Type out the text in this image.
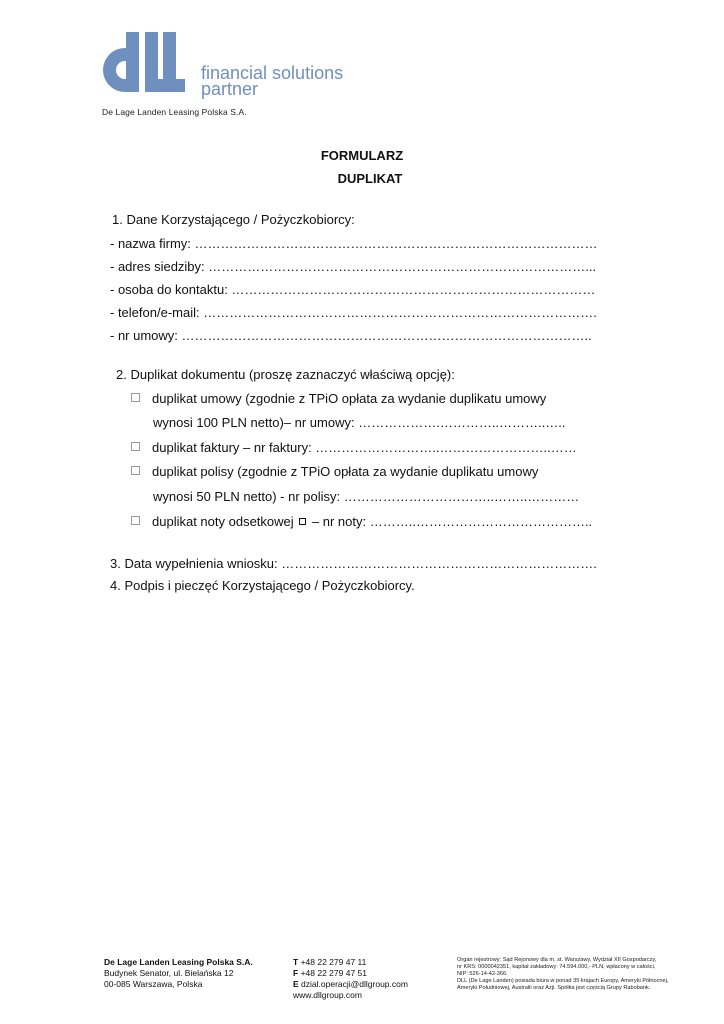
financial solutions
partner
De Lage Landen Leasing Polska S.A.
FORMULARZ
DUPLIKAT
1. Dane Korzystającego / Pożyczkobiorcy:
- nazwa firmy: …………………………………………………………………………………
- adres siedziby: ……………………………………………………………………………...
- osoba do kontaktu: …………………………………………………………………………
- telefon/e-mail: ……………………………………………………………………………….
- nr umowy: …………………………………………………………………………………..
2. Duplikat dokumentu (proszę zaznaczyć właściwą opcję):
duplikat umowy (zgodnie z TPiO opłata za wydanie duplikatu umowy
wynosi 100 PLN netto)– nr umowy: ……………….…………..………..…..
duplikat faktury – nr faktury: ………………………..……………………..……
duplikat polisy (zgodnie z TPiO opłata za wydanie duplikatu umowy
wynosi 50 PLN netto) - nr polisy: ……………………………..……..…………
duplikat noty odsetkowej – nr noty: ………..…………………………………..
3. Data wypełnienia wniosku: ……………………………………………………………….
4. Podpis i pieczęć Korzystającego / Pożyczkobiorcy.
De Lage Landen Leasing Polska S.A.
Budynek Senator, ul. Bielańska 12
00-085 Warszawa, Polska
T +48 22 279 47 11
F +48 22 279 47 51
E dzial.operacji@dllgroup.com
www.dllgroup.com
Organ rejestrowy: Sąd Rejonowy dla m. st. Warszawy, Wydział XII Gospodarczy,
nr KRS: 0000042351, kapitał zakładowy: 74.594.000,- PLN, wpłacony w całości,
NIP: 526-14-42-366.
DLL (De Lage Landen) posiada biura w ponad 35 krajach Europy, Ameryki Północnej,
Ameryki Południowej, Australii oraz Azji. Spółka jest częścią Grupy Rabobank.
